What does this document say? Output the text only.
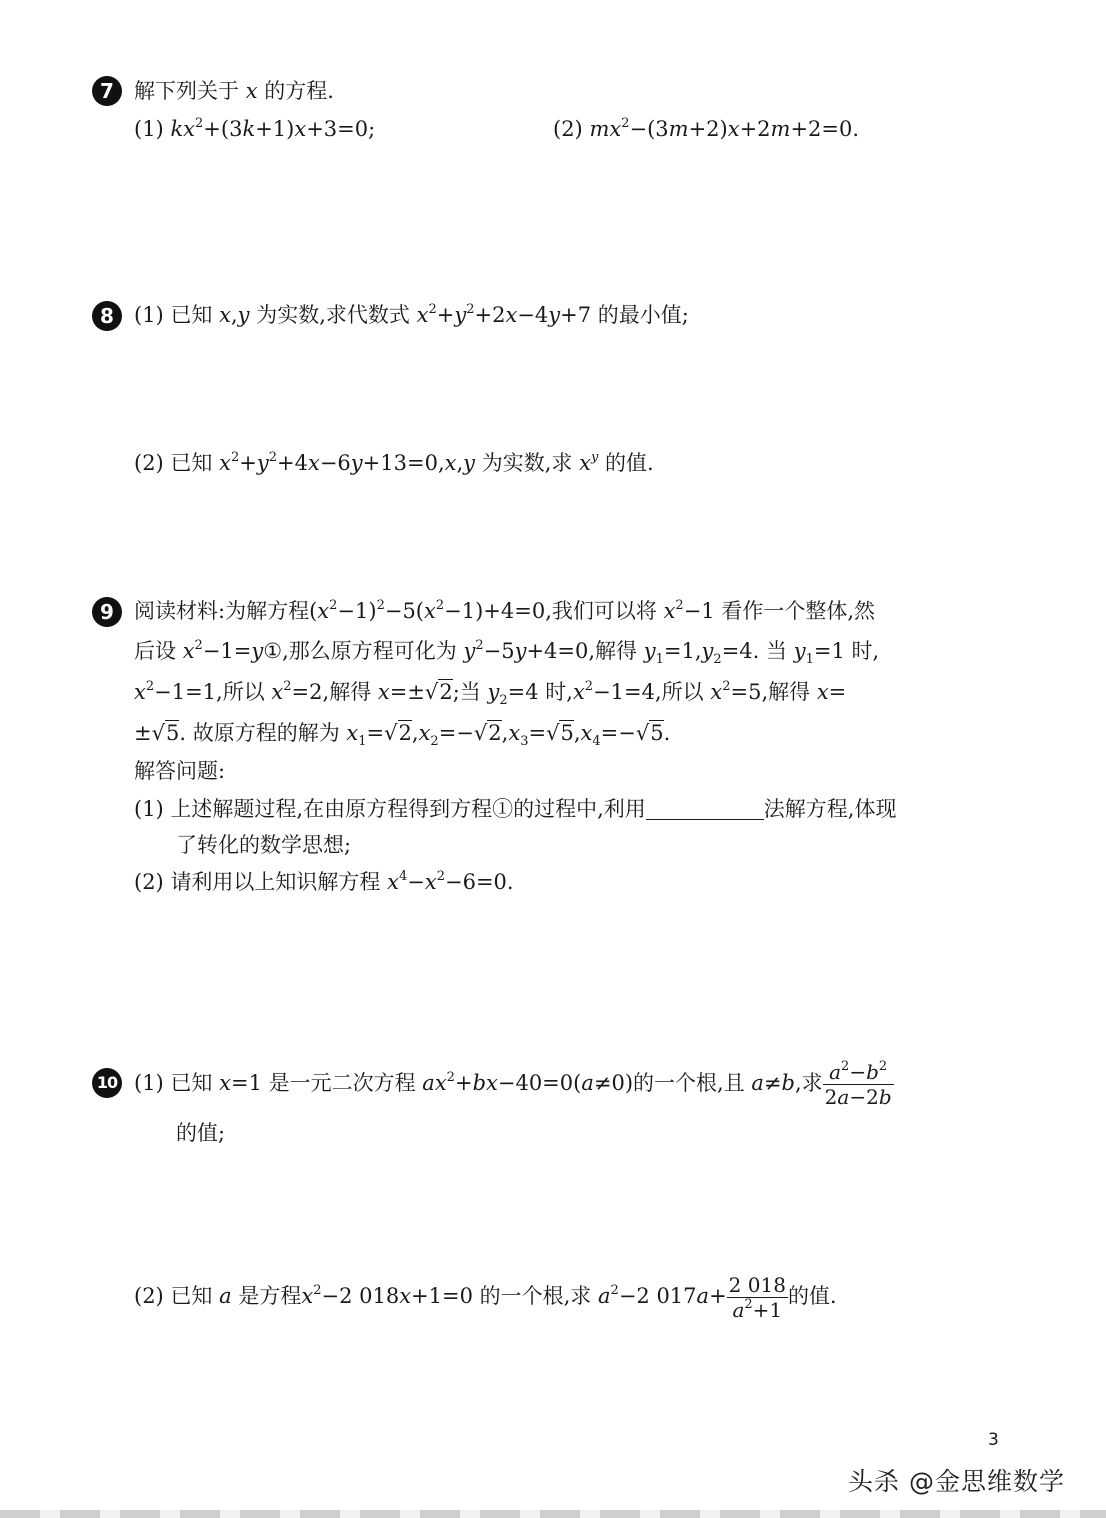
7 解下列关于 x 的方程.
(1) $kx^2+(3k+1)x+3=0$;	(2) $mx^2-(3m+2)x+2m+2=0$.
8 (1) 已知 x,y 为实数,求代数式 $x^2+y^2+2x-4y+7$ 的最小值;
(2) 已知 $x^2+y^2+4x-6y+13=0,x,y$ 为实数,求 $x^y$ 的值.
9 阅读材料:为解方程$(x^2-1)^2-5(x^2-1)+4=0$,我们可以将 $x^2-1$ 看作一个整体,然
后设 $x^2-1=y①$,那么原方程可化为 $y^2-5y+4=0$,解得 $y_1=1,y_2=4$. 当 $y_1=1$ 时,
$x^2-1=1$,所以 $x^2=2$,解得 x=±√2;当 $y_2=4$ 时$,x^2-1=4$,所以 $x^2=5$,解得 x=
±√5. 故原方程的解为 $x_1=√2,x_2=-√2,x_3=√5,x_4=-√5$.
解答问题:
(1) 上述解题过程,在由原方程得到方程①的过程中,利用	法解方程,体现
了转化的数学思想;
(2) 请利用以上知识解方程 $x^4-x^2-6=0$.
10 (1) 已知 x=1 是一元二次方程 $ax^2+bx-40=0(a\ne 0)$的一个根,且 a≠b,求 $\frac{a^2-b^2}{2a-2b}$
的值;
(2) 已知 a 是方程$x^2-2$ 018x+1=0 的一个根,求 $a^2-2$ $017a+ \frac{2 018}{a^2+1}$ 的值.
3
头杀 @金思维数学
